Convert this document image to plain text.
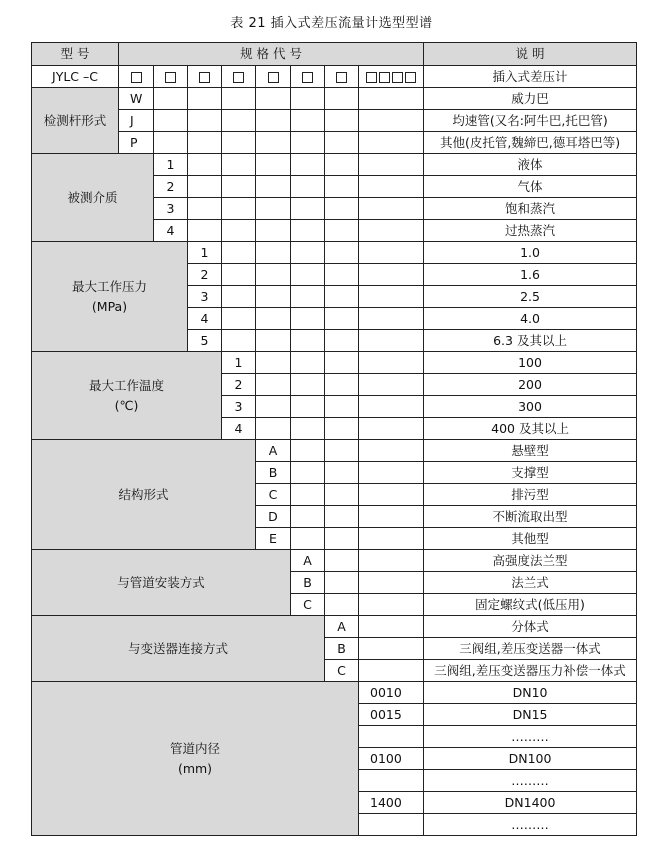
表 21 插入式差压流量计选型型谱
型 号	规 格 代 号								说 明
JYLC –C									插入式差压计

检测杆形式	W								威力巴
	J								均速管(又名:阿牛巴,托巴管)
	P								其他(皮托管,魏締巴,德耳塔巴等)

被测介质		1							液体
		2							气体
		3							饱和蒸汽
		4							过热蒸汽

最大工作压力
(MPa)			1						1.0
			2						1.6
			3						2.5
			4						4.0
			5						6.3 及其以上

最大工作温度
(℃)				1					100
				2					200
				3					300
				4					400 及其以上

结构形式					A				悬壁型
					B				支撑型
					C				排污型
					D				不断流取出型
					E				其他型

与管道安装方式						A			高强度法兰型
						B			法兰式
						C			固定螺纹式(低压用)

与变送器连接方式							A		分体式
							B		三阀组,差压变送器一体式
							C		三阀组,差压变送器压力补偿一体式

管道内径
(mm)								0010	DN10
								0015	DN15
									………
								0100	DN100
									………
								1400	DN1400
									………
